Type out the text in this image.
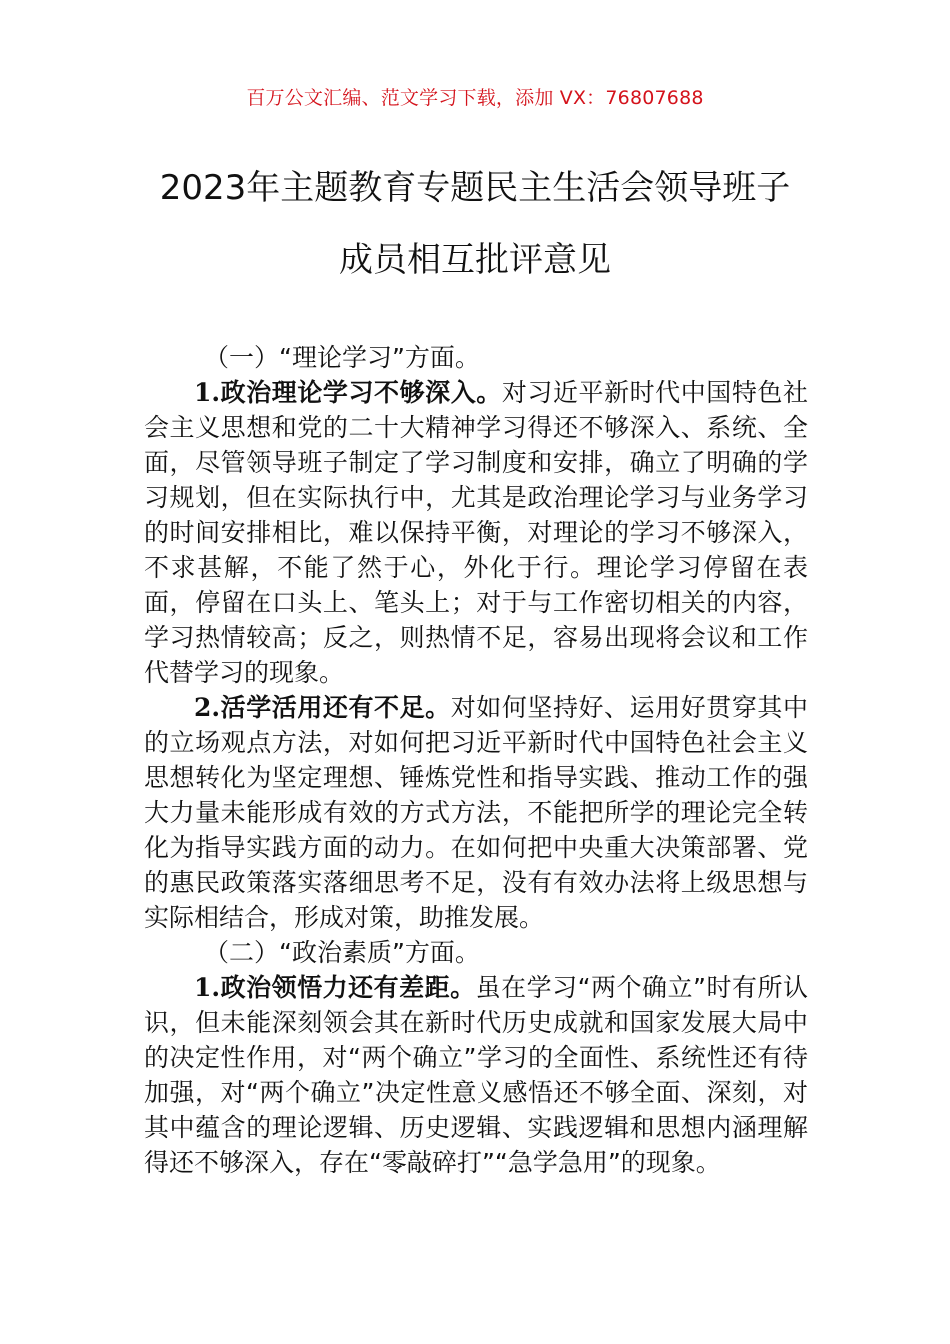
百万公文汇编、范文学习下载，添加 VX：76807688
2023年主题教育专题民主生活会领导班子
成员相互批评意见

（一）“理论学习”方面。

1.政治理论学习不够深入。对习近平新时代中国特色社会主义思想和党的二十大精神学习得还不够深入、系统、全面，尽管领导班子制定了学习制度和安排，确立了明确的学习规划，但在实际执行中，尤其是政治理论学习与业务学习的时间安排相比，难以保持平衡，对理论的学习不够深入，不求甚解，不能了然于心，外化于行。理论学习停留在表面，停留在口头上、笔头上；对于与工作密切相关的内容，学习热情较高；反之，则热情不足，容易出现将会议和工作代替学习的现象。

2.活学活用还有不足。对如何坚持好、运用好贯穿其中的立场观点方法，对如何把习近平新时代中国特色社会主义思想转化为坚定理想、锤炼党性和指导实践、推动工作的强大力量未能形成有效的方式方法，不能把所学的理论完全转化为指导实践方面的动力。在如何把中央重大决策部署、党的惠民政策落实落细思考不足，没有有效办法将上级思想与实际相结合，形成对策，助推发展。

（二）“政治素质”方面。

1.政治领悟力还有差距。虽在学习“两个确立”时有所认识，但未能深刻领会其在新时代历史成就和国家发展大局中的决定性作用，对“两个确立”学习的全面性、系统性还有待加强，对“两个确立”决定性意义感悟还不够全面、深刻，对其中蕴含的理论逻辑、历史逻辑、实践逻辑和思想内涵理解得还不够深入，存在“零敲碎打”“急学急用”的现象。
